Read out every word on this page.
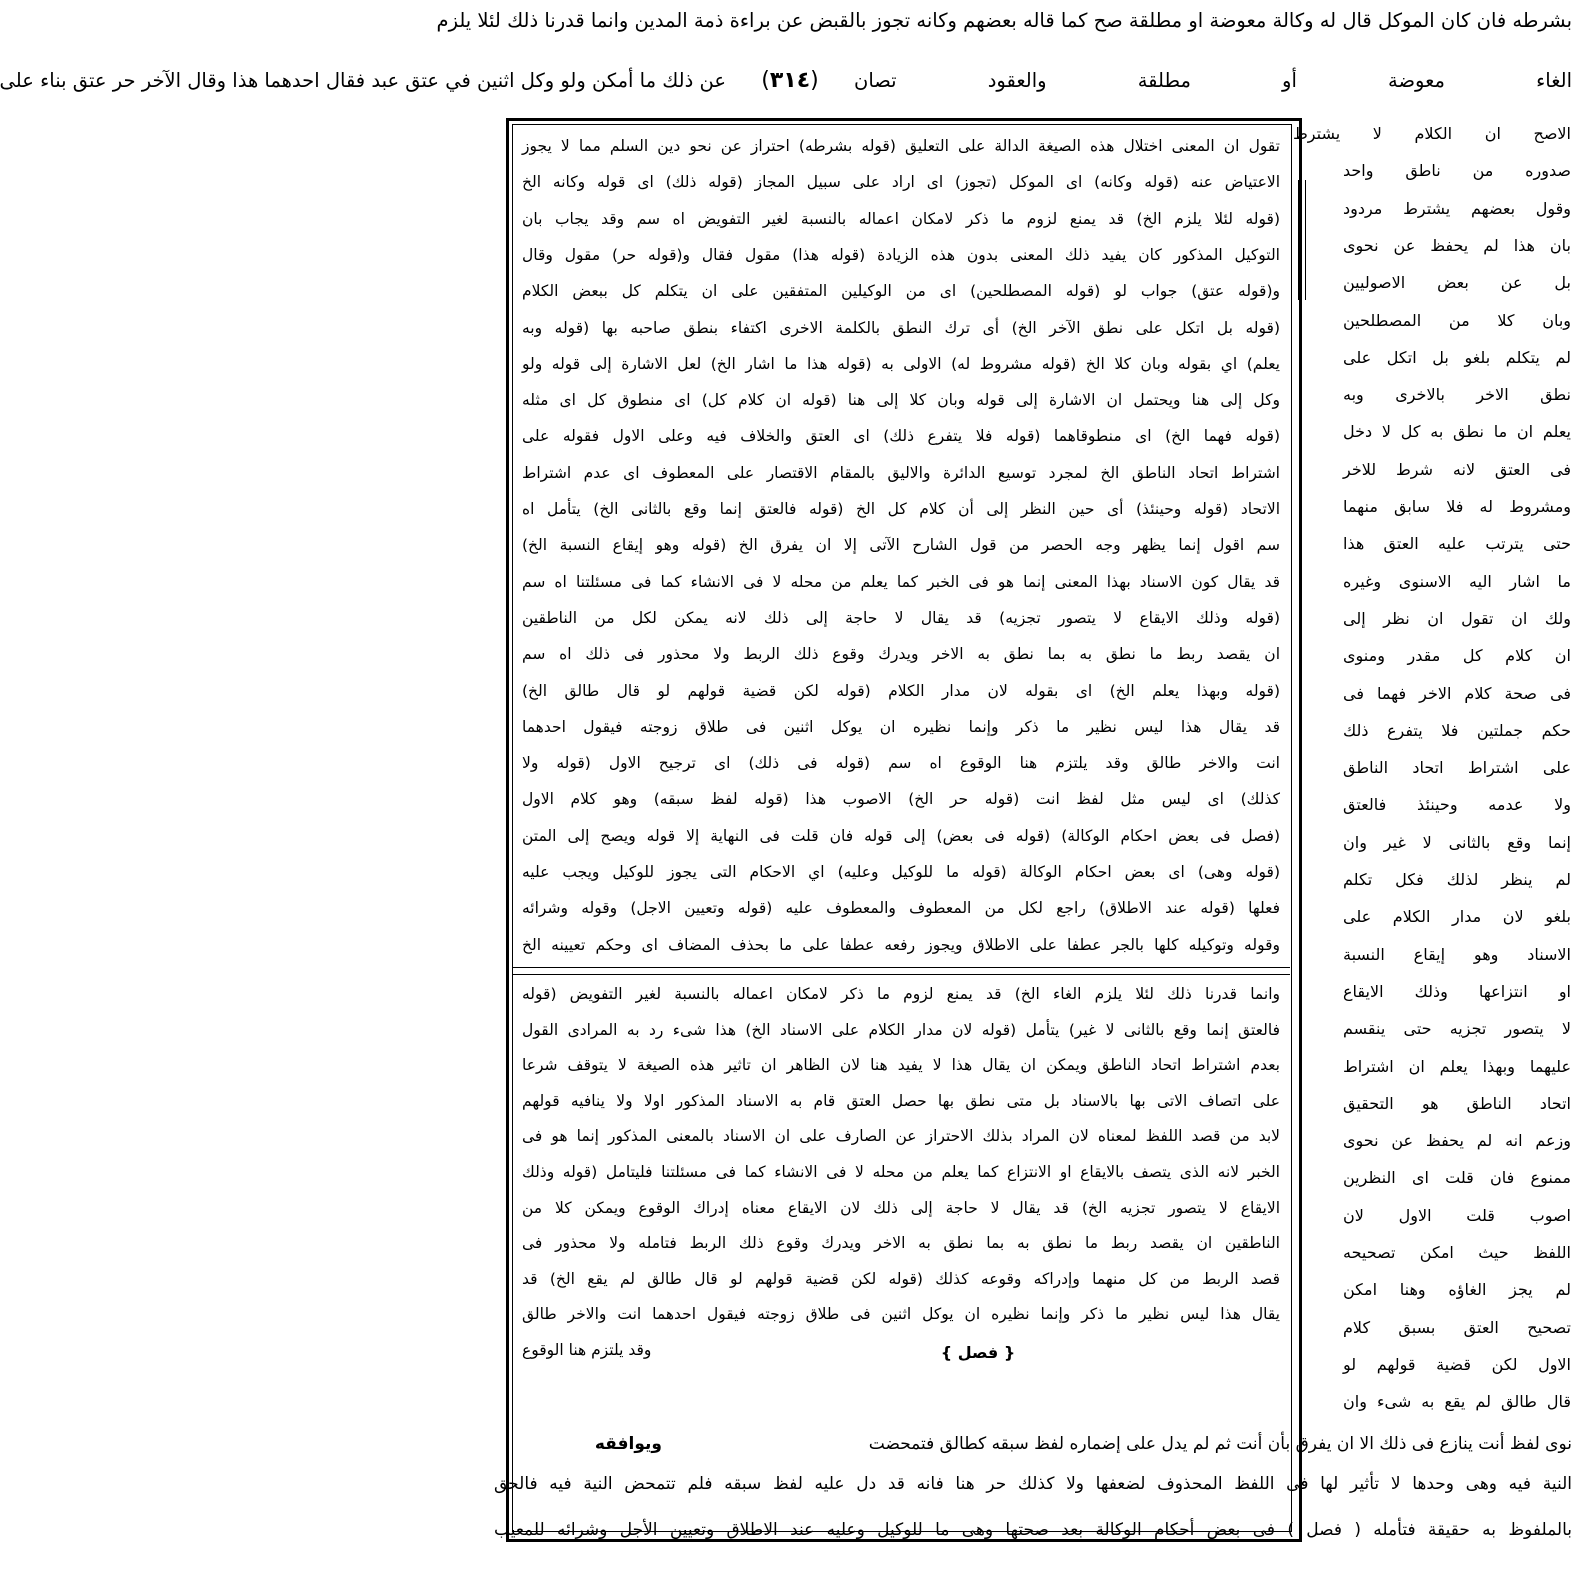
بشرطه فان كان الموكل قال له وكالة معوضة او مطلقة صح كما قاله بعضهم وكانه تجوز بالقبض عن براءة ذمة المدين وانما قدرنا ذلك لئلا يلزم
الغاء معوضة أو مطلقة والعقود تصان
(٣١٤)
عن ذلك ما أمكن ولو وكل اثنين في عتق عبد فقال احدهما هذا وقال الآخر حر عتق بناء على
الاصح ان الكلام لا يشترط
صدوره من ناطق واحد
وقول بعضهم يشترط مردود
بان هذا لم يحفظ عن نحوى
بل عن بعض الاصوليين
وبان كلا من المصطلحين
لم يتكلم بلغو بل اتكل على
نطق الاخر بالاخرى وبه
يعلم ان ما نطق به كل لا دخل
فى العتق لانه شرط للاخر
ومشروط له فلا سابق منهما
حتى يترتب عليه العتق هذا
ما اشار اليه الاسنوى وغيره
ولك ان تقول ان نظر إلى
ان كلام كل مقدر ومنوى
فى صحة كلام الاخر فهما فى
حكم جملتين فلا يتفرع ذلك
على اشتراط اتحاد الناطق
ولا عدمه وحينئذ فالعتق
إنما وقع بالثانى لا غير وان
لم ينظر لذلك فكل تكلم
بلغو لان مدار الكلام على
الاسناد وهو إيقاع النسبة
او انتزاعها وذلك الايقاع
لا يتصور تجزيه حتى ينقسم
عليهما وبهذا يعلم ان اشتراط
اتحاد الناطق هو التحقيق
وزعم انه لم يحفظ عن نحوى
ممنوع فان قلت اى النظرين
اصوب قلت الاول لان
اللفظ حيث امكن تصحيحه
لم يجز الغاؤه وهنا امكن
تصحيح العتق بسبق كلام
الاول لكن قضية قولهم لو
قال طالق لم يقع به شىء وان
تقول ان المعنى اختلال هذه الصيغة الدالة على التعليق (قوله بشرطه) احتراز عن نحو دين السلم مما لا يجوز
الاعتياض عنه (قوله وكانه) اى الموكل (تجوز) اى اراد على سبيل المجاز (قوله ذلك) اى قوله وكانه الخ
(قوله لئلا يلزم الخ) قد يمنع لزوم ما ذكر لامكان اعماله بالنسبة لغير التفويض اه سم وقد يجاب بان
التوكيل المذكور كان يفيد ذلك المعنى بدون هذه الزيادة (قوله هذا) مقول فقال و(قوله حر) مقول وقال
و(قوله عتق) جواب لو (قوله المصطلحين) اى من الوكيلين المتفقين على ان يتكلم كل ببعض الكلام
(قوله بل اتكل على نطق الآخر الخ) أى ترك النطق بالكلمة الاخرى اكتفاء بنطق صاحبه بها (قوله وبه
يعلم) اي بقوله وبان كلا الخ (قوله مشروط له) الاولى به (قوله هذا ما اشار الخ) لعل الاشارة إلى قوله ولو
وكل إلى هنا ويحتمل ان الاشارة إلى قوله وبان كلا إلى هنا (قوله ان كلام كل) اى منطوق كل اى مثله
(قوله فهما الخ) اى منطوقاهما (قوله فلا يتفرع ذلك) اى العتق والخلاف فيه وعلى الاول فقوله على
اشتراط اتحاد الناطق الخ لمجرد توسيع الدائرة والاليق بالمقام الاقتصار على المعطوف اى عدم اشتراط
الاتحاد (قوله وحينئذ) أى حين النظر إلى أن كلام كل الخ (قوله فالعتق إنما وقع بالثانى الخ) يتأمل اه
سم اقول إنما يظهر وجه الحصر من قول الشارح الآتى إلا ان يفرق الخ (قوله وهو إيقاع النسبة الخ)
قد يقال كون الاسناد بهذا المعنى إنما هو فى الخبر كما يعلم من محله لا فى الانشاء كما فى مسئلتنا اه سم
(قوله وذلك الايقاع لا يتصور تجزيه) قد يقال لا حاجة إلى ذلك لانه يمكن لكل من الناطقين
ان يقصد ربط ما نطق به بما نطق به الاخر ويدرك وقوع ذلك الربط ولا محذور فى ذلك اه سم
(قوله وبهذا يعلم الخ) اى بقوله لان مدار الكلام (قوله لكن قضية قولهم لو قال طالق الخ)
قد يقال هذا ليس نظير ما ذكر وإنما نظيره ان يوكل اثنين فى طلاق زوجته فيقول احدهما
انت والاخر طالق وقد يلتزم هنا الوقوع اه سم (قوله فى ذلك) اى ترجيح الاول (قوله ولا
كذلك) اى ليس مثل لفظ انت (قوله حر الخ) الاصوب هذا (قوله لفظ سبقه) وهو كلام الاول
(فصل فى بعض احكام الوكالة) (قوله فى بعض) إلى قوله فان قلت فى النهاية إلا قوله ويصح إلى المتن
(قوله وهى) اى بعض احكام الوكالة (قوله ما للوكيل وعليه) اي الاحكام التى يجوز للوكيل ويجب عليه
فعلها (قوله عند الاطلاق) راجع لكل من المعطوف والمعطوف عليه (قوله وتعيين الاجل) وقوله وشرائه
وقوله وتوكيله كلها بالجر عطفا على الاطلاق ويجوز رفعه عطفا على ما بحذف المضاف اى وحكم تعيينه الخ
وانما قدرنا ذلك لئلا يلزم الغاء الخ) قد يمنع لزوم ما ذكر لامكان اعماله بالنسبة لغير التفويض (قوله
فالعتق إنما وقع بالثانى لا غير) يتأمل (قوله لان مدار الكلام على الاسناد الخ) هذا شىء رد به المرادى القول
بعدم اشتراط اتحاد الناطق ويمكن ان يقال هذا لا يفيد هنا لان الظاهر ان تاثير هذه الصيغة لا يتوقف شرعا
على اتصاف الاتى بها بالاسناد بل متى نطق بها حصل العتق قام به الاسناد المذكور اولا ولا ينافيه قولهم
لابد من قصد اللفظ لمعناه لان المراد بذلك الاحتراز عن الصارف على ان الاسناد بالمعنى المذكور إنما هو فى
الخبر لانه الذى يتصف بالايقاع او الانتزاع كما يعلم من محله لا فى الانشاء كما فى مسئلتنا فليتامل (قوله وذلك
الايقاع لا يتصور تجزيه الخ) قد يقال لا حاجة إلى ذلك لان الايقاع معناه إدراك الوقوع ويمكن كلا من
الناطقين ان يقصد ربط ما نطق به بما نطق به الاخر ويدرك وقوع ذلك الربط فتامله ولا محذور فى
قصد الربط من كل منهما وإدراكه وقوعه كذلك (قوله لكن قضية قولهم لو قال طالق لم يقع الخ) قد
يقال هذا ليس نظير ما ذكر وإنما نظيره ان يوكل اثنين فى طلاق زوجته فيقول احدهما انت والاخر طالق
وقد يلتزم هنا الوقوع	{ فصل }
نوى لفظ أنت ينازع فى ذلك الا ان يفرق بأن أنت ثم لم يدل على إضماره لفظ سبقه كطالق فتمحضت
ويوافقه
النية فيه وهى وحدها لا تأثير لها فى اللفظ المحذوف لضعفها ولا كذلك حر هنا فانه قد دل عليه لفظ سبقه فلم تتمحض النية فيه فالحق
بالملفوظ به حقيقة فتأمله ( فصل ) فى بعض أحكام الوكالة بعد صحتها وهى ما للوكيل وعليه عند الاطلاق وتعيين الأجل وشرائه للمعيب
